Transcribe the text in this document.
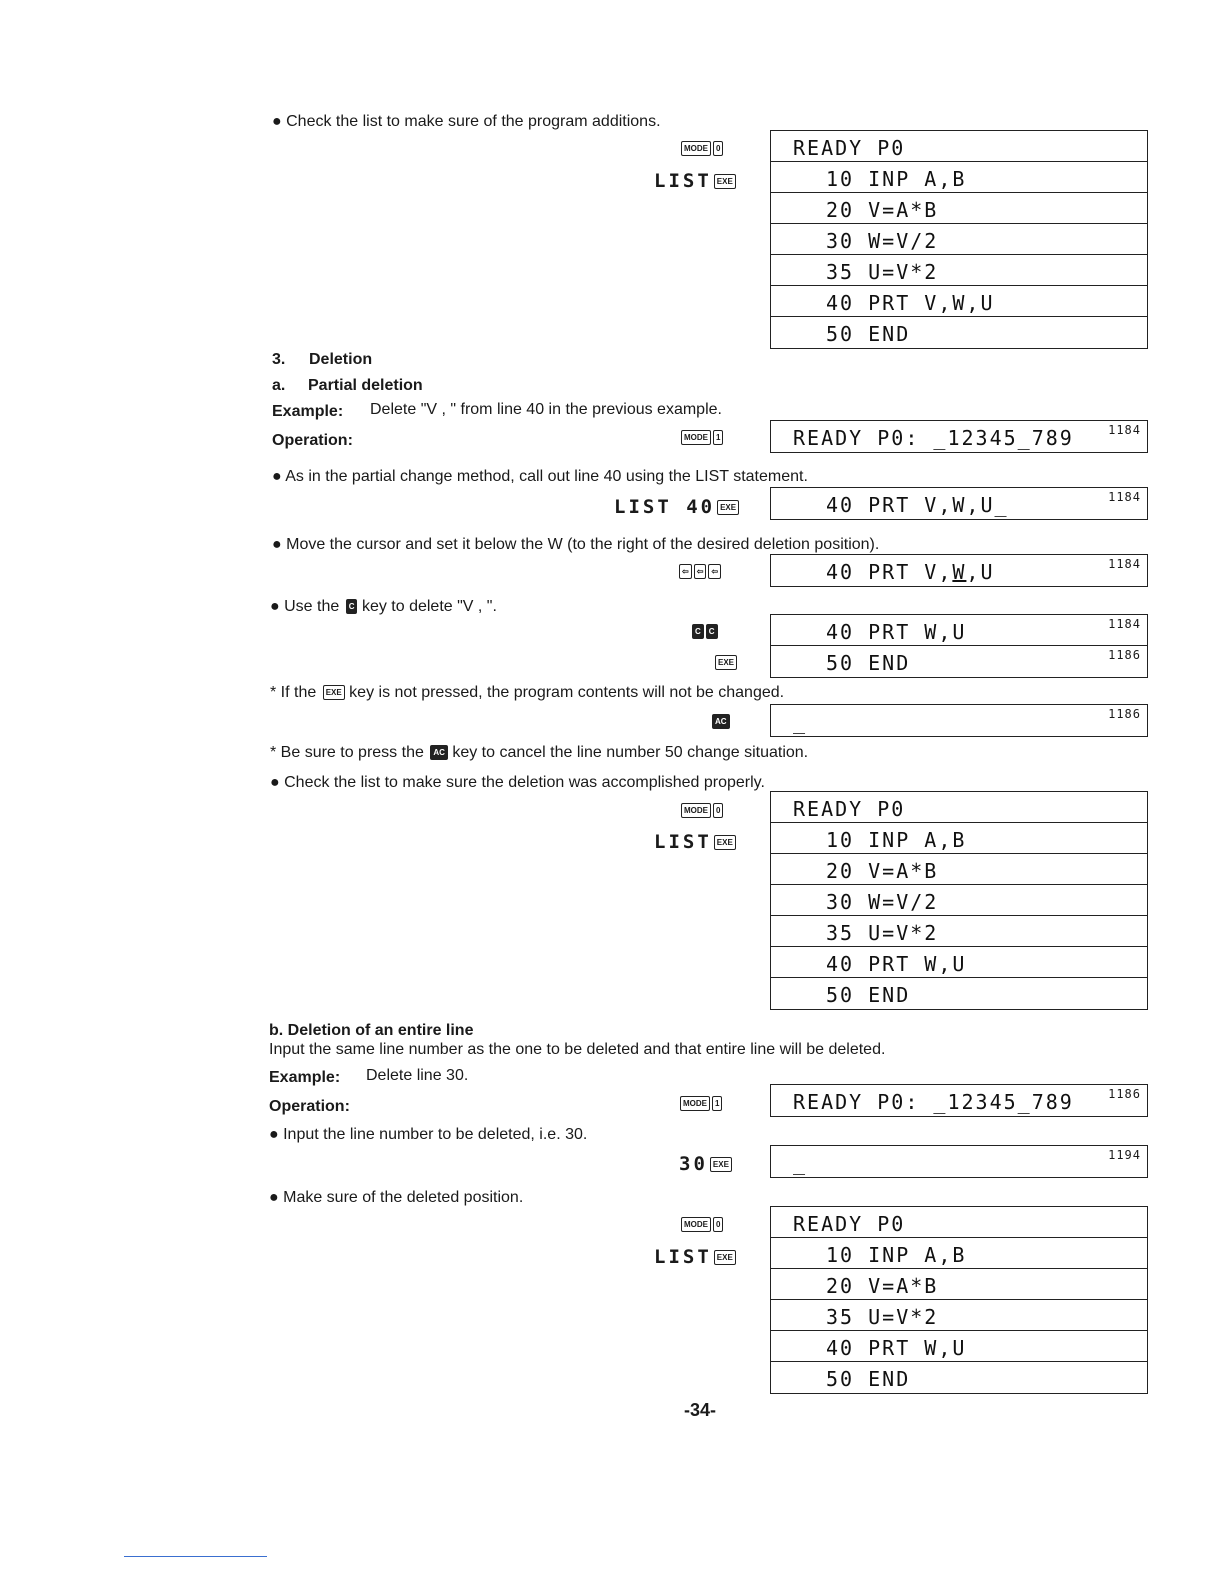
● Check the list to make sure of the program additions.
MODE 0
LIST EXE
READY P0
10 INP A,B
20 V=A*B
30 W=V/2
35 U=V*2
40 PRT V,W,U
50 END
3. Deletion
a. Partial deletion
Example: Delete "V , " from line 40 in the previous example.
Operation:	MODE 1	READY P0: _12345_789	1184
● As in the partial change method, call out line 40 using the LIST statement.
LIST 40 EXE	40 PRT V,W,U_	1184
● Move the cursor and set it below the W (to the right of the desired deletion position).
⇦ ⇦ ⇦	40 PRT V,W,U	1184
● Use the C key to delete "V , ".
C C
EXE
40 PRT W,U	1184
50 END	1186
* If the EXE key is not pressed, the program contents will not be changed.
AC	_	1186
* Be sure to press the AC key to cancel the line number 50 change situation.
● Check the list to make sure the deletion was accomplished properly.
MODE 0
LIST EXE
READY P0
10 INP A,B
20 V=A*B
30 W=V/2
35 U=V*2
40 PRT W,U
50 END
b. Deletion of an entire line
Input the same line number as the one to be deleted and that entire line will be deleted.
Example: Delete line 30.
Operation:	MODE 1	READY P0: _12345_789	1186
● Input the line number to be deleted, i.e. 30.
30 EXE	_	1194
● Make sure of the deleted position.
MODE 0
LIST EXE
READY P0
10 INP A,B
20 V=A*B
35 U=V*2
40 PRT W,U
50 END
-34-
